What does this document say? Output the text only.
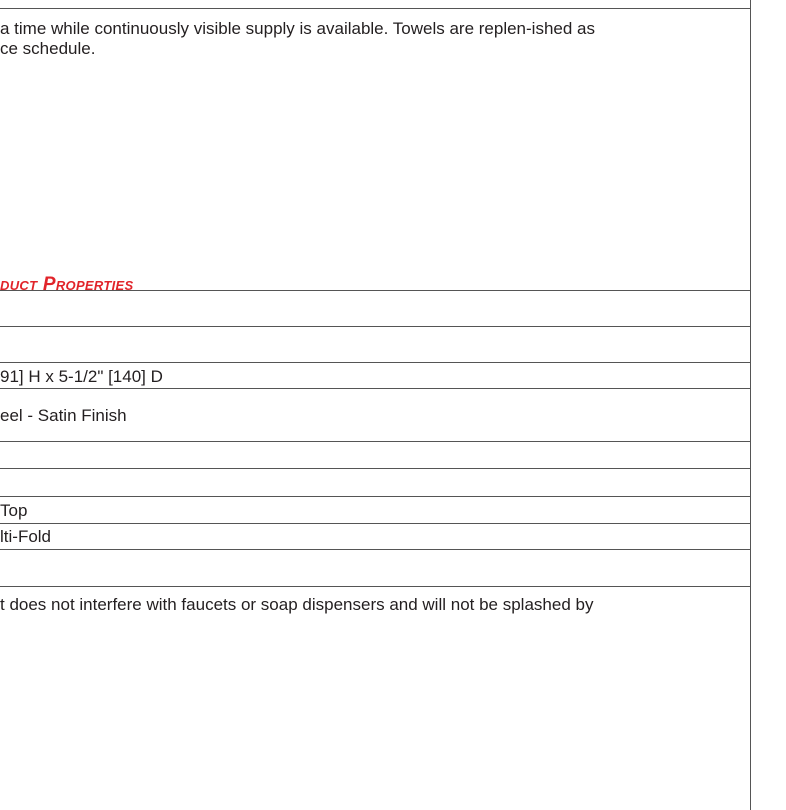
a time while continuously visible supply is available. Towels are replen-ished as
ce schedule.
duct Properties
91] H x 5-1/2" [140] D
eel - Satin Finish
Top
lti-Fold
t does not interfere with faucets or soap dispensers and will not be splashed by
